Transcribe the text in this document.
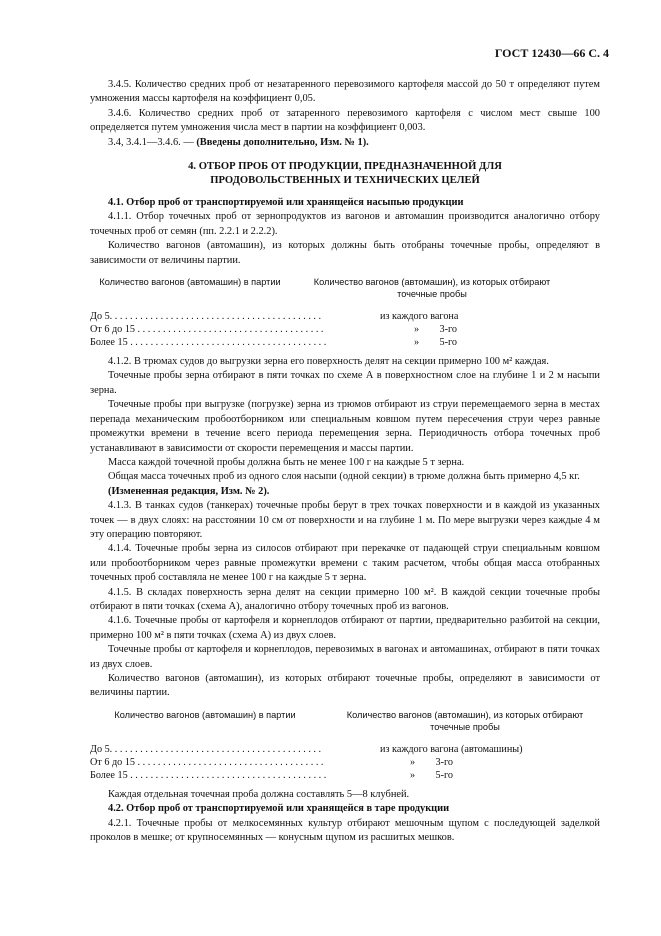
ГОСТ 12430—66 С. 4

3.4.5. Количество средних проб от незатаренного перевозимого картофеля массой до 50 т определяют путем умножения массы картофеля на коэффициент 0,05.

3.4.6. Количество средних проб от затаренного перевозимого картофеля с числом мест свыше 100 определяется путем умножения числа мест в партии на коэффициент 0,003.

3.4, 3.4.1—3.4.6. — (Введены дополнительно, Изм. № 1).

4. ОТБОР ПРОБ ОТ ПРОДУКЦИИ, ПРЕДНАЗНАЧЕННОЙ ДЛЯ ПРОДОВОЛЬСТВЕННЫХ И ТЕХНИЧЕСКИХ ЦЕЛЕЙ

4.1. Отбор проб от транспортируемой или хранящейся насыпью продукции

4.1.1. Отбор точечных проб от зернопродуктов из вагонов и автомашин производится аналогично отбору точечных проб от семян (пп. 2.2.1 и 2.2.2).

Количество вагонов (автомашин), из которых должны быть отобраны точечные пробы, определяют в зависимости от величины партии.

Количество вагонов (автомашин) в партии	Количество вагонов (автомашин), из которых отбирают точечные пробы
До 5. . . . . . . . . . . . . . . . . . . . . . . . . . . . . . . . . . . . . . . . . .	из каждого вагона
От 6 до 15 . . . . . . . . . . . . . . . . . . . . . . . . . . . . . . . . . . . . .	»        3-го
Более 15 . . . . . . . . . . . . . . . . . . . . . . . . . . . . . . . . . . . . . . .	»        5-го

4.1.2. В трюмах судов до выгрузки зерна его поверхность делят на секции примерно 100 м² каждая.

Точечные пробы зерна отбирают в пяти точках по схеме А в поверхностном слое на глубине 1 и 2 м насыпи зерна.

Точечные пробы при выгрузке (погрузке) зерна из трюмов отбирают из струи перемещаемого зерна в местах перепада механическим пробоотборником или специальным ковшом путем пересечения струи через равные промежутки времени в течение всего периода перемещения зерна. Периодичность отбора точечных проб устанавливают в зависимости от скорости перемещения и массы партии.

Масса каждой точечной пробы должна быть не менее 100 г на каждые 5 т зерна.

Общая масса точечных проб из одного слоя насыпи (одной секции) в трюме должна быть примерно 4,5 кг.

(Измененная редакция, Изм. № 2).

4.1.3. В танках судов (танкерах) точечные пробы берут в трех точках поверхности и в каждой из указанных точек — в двух слоях: на расстоянии 10 см от поверхности и на глубине 1 м. По мере выгрузки через каждые 4 м эту операцию повторяют.

4.1.4. Точечные пробы зерна из силосов отбирают при перекачке от падающей струи специальным ковшом или пробоотборником через равные промежутки времени с таким расчетом, чтобы общая масса отобранных точечных проб составляла не менее 100 г на каждые 5 т зерна.

4.1.5. В складах поверхность зерна делят на секции примерно 100 м². В каждой секции точечные пробы отбирают в пяти точках (схема А), аналогично отбору точечных проб из вагонов.

4.1.6. Точечные пробы от картофеля и корнеплодов отбирают от партии, предварительно разбитой на секции, примерно 100 м² в пяти точках (схема А) из двух слоев.

Точечные пробы от картофеля и корнеплодов, перевозимых в вагонах и автомашинах, отбирают в пяти точках из двух слоев.

Количество вагонов (автомашин), из которых отбирают точечные пробы, определяют в зависимости от величины партии.

Количество вагонов (автомашин) в партии	Количество вагонов (автомашин), из которых отбирают точечные пробы
До 5. . . . . . . . . . . . . . . . . . . . . . . . . . . . . . . . . . . . . . . . . .	из каждого вагона (автомашины)
От 6 до 15 . . . . . . . . . . . . . . . . . . . . . . . . . . . . . . . . . . . . .	»        3-го
Более 15 . . . . . . . . . . . . . . . . . . . . . . . . . . . . . . . . . . . . . . .	»        5-го

Каждая отдельная точечная проба должна составлять 5—8 клубней.

4.2. Отбор проб от транспортируемой или хранящейся в таре продукции

4.2.1. Точечные пробы от мелкосемянных культур отбирают мешочным щупом с последующей заделкой проколов в мешке; от крупносемянных — конусным щупом из расшитых мешков.
